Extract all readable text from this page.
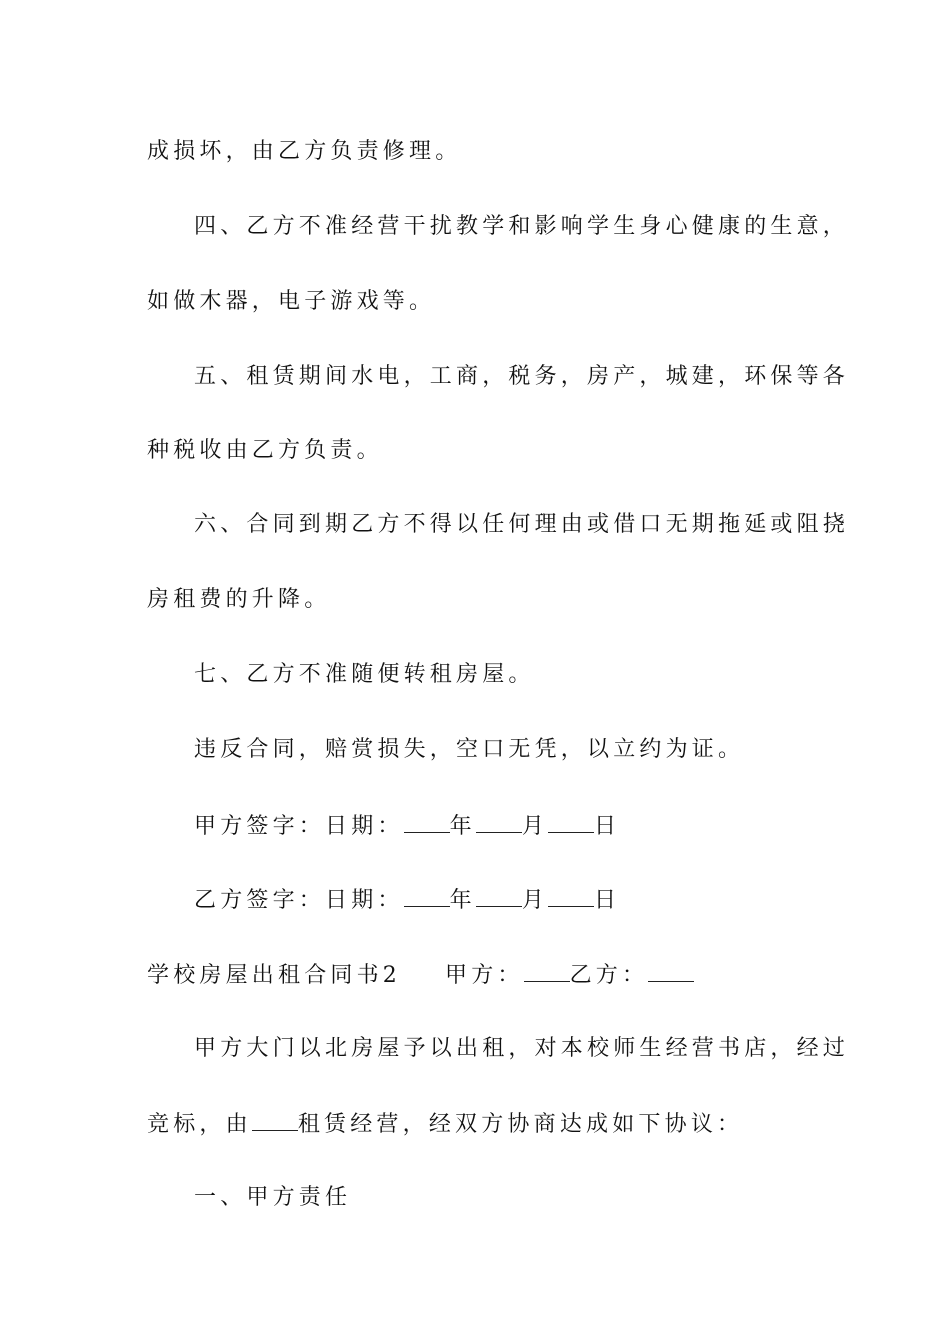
成损坏，由乙方负责修理。
四、乙方不准经营干扰教学和影响学生身心健康的生意，
如做木器，电子游戏等。
五、租赁期间水电，工商，税务，房产，城建，环保等各
种税收由乙方负责。
六、合同到期乙方不得以任何理由或借口无期拖延或阻挠
房租费的升降。
七、乙方不准随便转租房屋。
违反合同，赔赏损失，空口无凭，以立约为证。
甲方签字：日期： 年 月 日
乙方签字：日期： 年 月 日
学校房屋出租合同书2 甲方： 乙方：
甲方大门以北房屋予以出租，对本校师生经营书店，经过
竞标，由 租赁经营，经双方协商达成如下协议：
一、甲方责任
